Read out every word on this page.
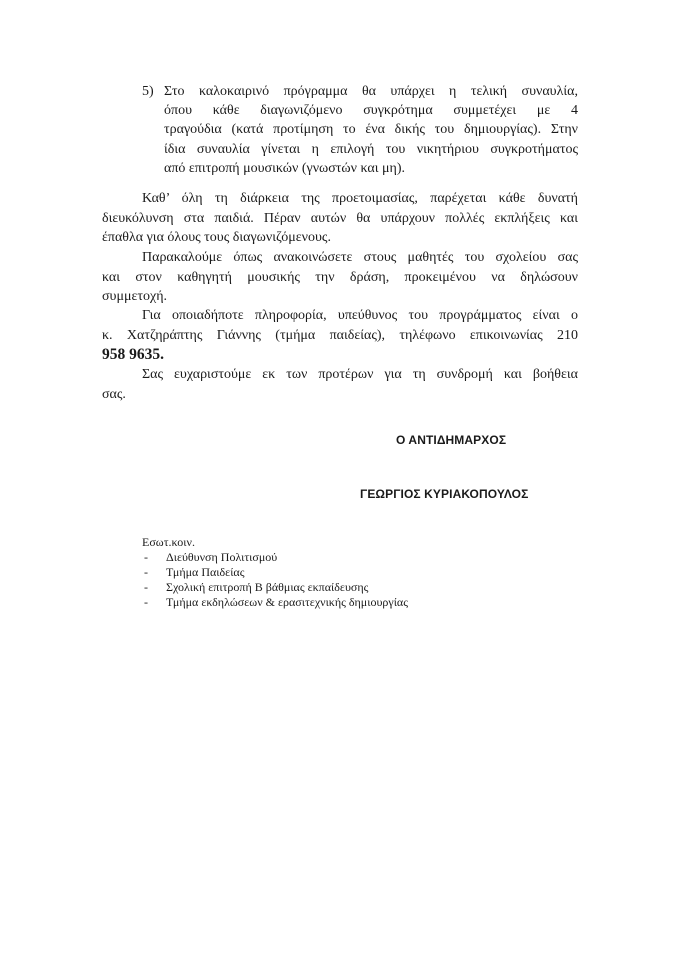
5) Στο καλοκαιρινό πρόγραμμα θα υπάρχει η τελική συναυλία,
όπου κάθε διαγωνιζόμενο συγκρότημα συμμετέχει με 4
τραγούδια (κατά προτίμηση το ένα δικής του δημιουργίας). Στην
ίδια συναυλία γίνεται η επιλογή του νικητήριου συγκροτήματος
από επιτροπή μουσικών (γνωστών και μη).
Καθ’ όλη τη διάρκεια της προετοιμασίας, παρέχεται κάθε δυνατή
διευκόλυνση στα παιδιά. Πέραν αυτών θα υπάρχουν πολλές εκπλήξεις και
έπαθλα για όλους τους διαγωνιζόμενους.
Παρακαλούμε όπως ανακοινώσετε στους μαθητές του σχολείου σας
και στον καθηγητή μουσικής την δράση, προκειμένου να δηλώσουν
συμμετοχή.
Για οποιαδήποτε πληροφορία, υπεύθυνος του προγράμματος είναι ο
κ. Χατζηράπτης Γιάννης (τμήμα παιδείας), τηλέφωνο επικοινωνίας 210
958 9635.
Σας ευχαριστούμε εκ των προτέρων για τη συνδρομή και βοήθεια
σας.
Ο ΑΝΤΙΔΗΜΑΡΧΟΣ
ΓΕΩΡΓΙΟΣ ΚΥΡΙΑΚΟΠΟΥΛΟΣ
Εσωτ.κοιν.
- Διεύθυνση Πολιτισμού
- Τμήμα Παιδείας
- Σχολική επιτροπή Β βάθμιας εκπαίδευσης
- Τμήμα εκδηλώσεων & ερασιτεχνικής δημιουργίας
